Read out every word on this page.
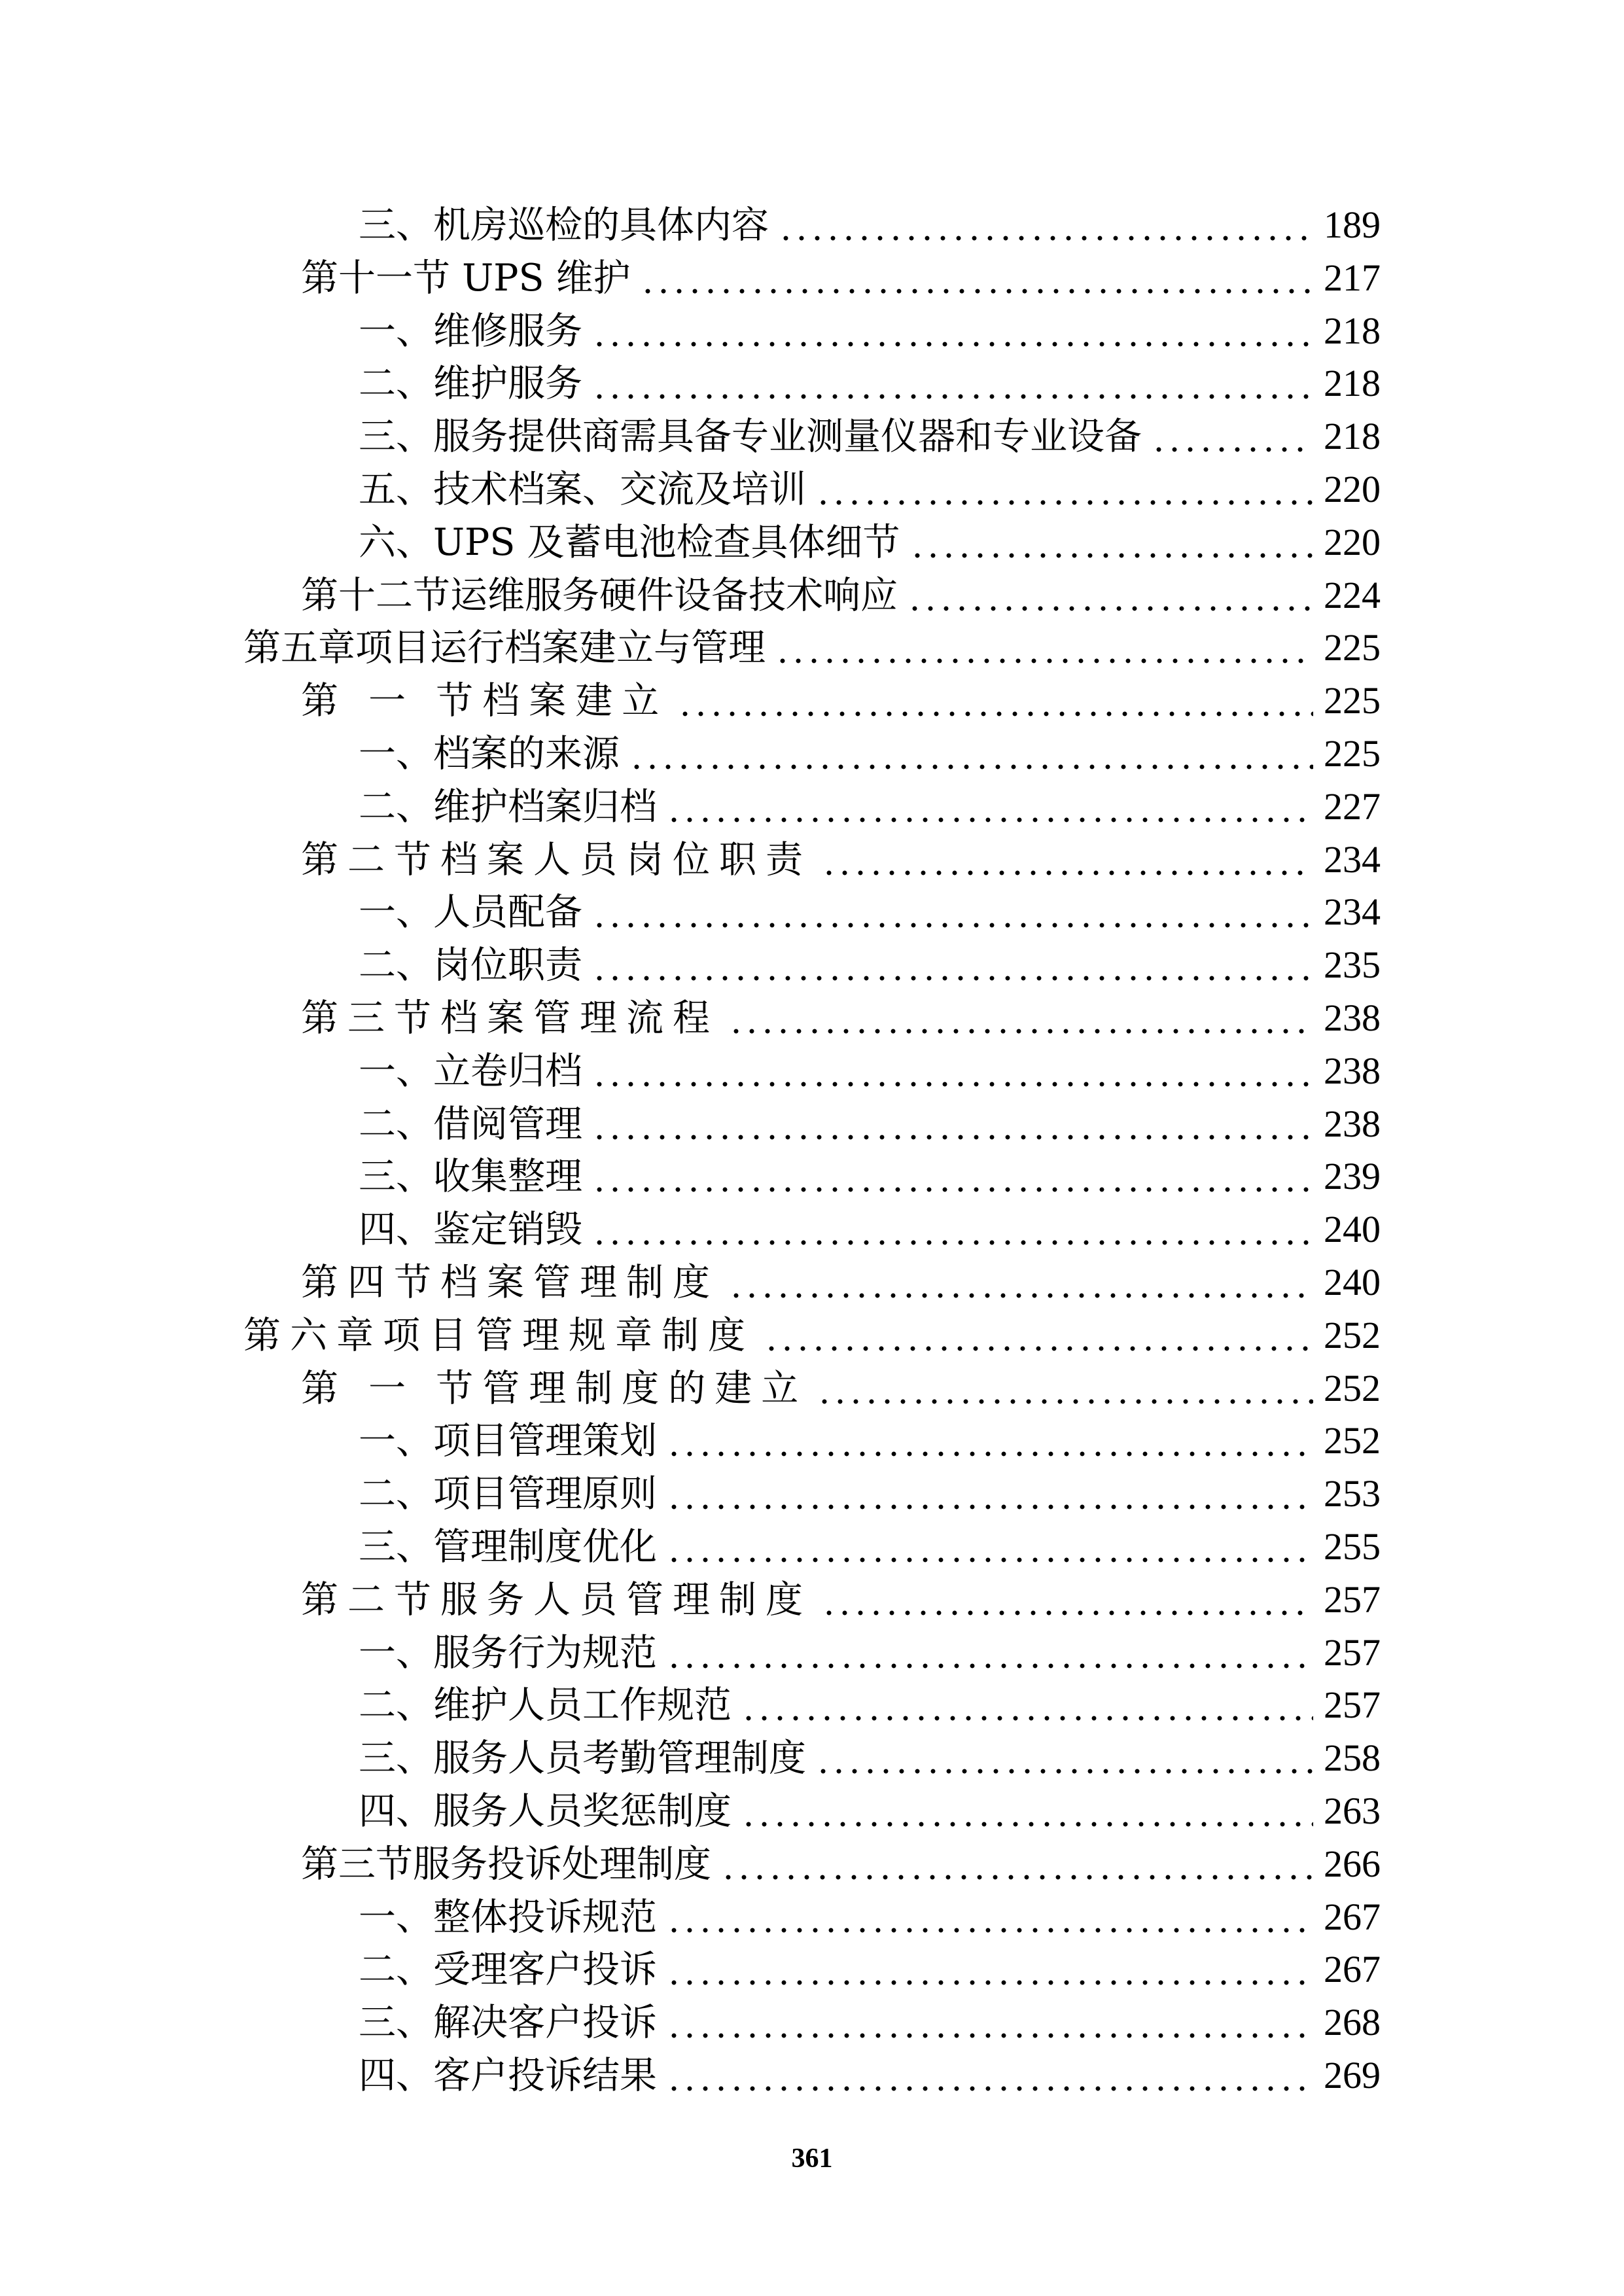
三、机房巡检的具体内容	189
第十一节 UPS 维护	217
一、维修服务	218
二、维护服务	218
三、服务提供商需具备专业测量仪器和专业设备	218
五、技术档案、交流及培训	220
六、UPS 及蓄电池检查具体细节	220
第十二节运维服务硬件设备技术响应	224
第五章项目运行档案建立与管理	225
第 一 节档案建立	225
一、档案的来源	225
二、维护档案归档	227
第二节档案人员岗位职责	234
一、人员配备	234
二、岗位职责	235
第三节档案管理流程	238
一、立卷归档	238
二、借阅管理	238
三、收集整理	239
四、鉴定销毁	240
第四节档案管理制度	240
第六章项目管理规章制度	252
第 一 节管理制度的建立	252
一、项目管理策划	252
二、项目管理原则	253
三、管理制度优化	255
第二节服务人员管理制度	257
一、服务行为规范	257
二、维护人员工作规范	257
三、服务人员考勤管理制度	258
四、服务人员奖惩制度	263
第三节服务投诉处理制度	266
一、整体投诉规范	267
二、受理客户投诉	267
三、解决客户投诉	268
四、客户投诉结果	269
361
